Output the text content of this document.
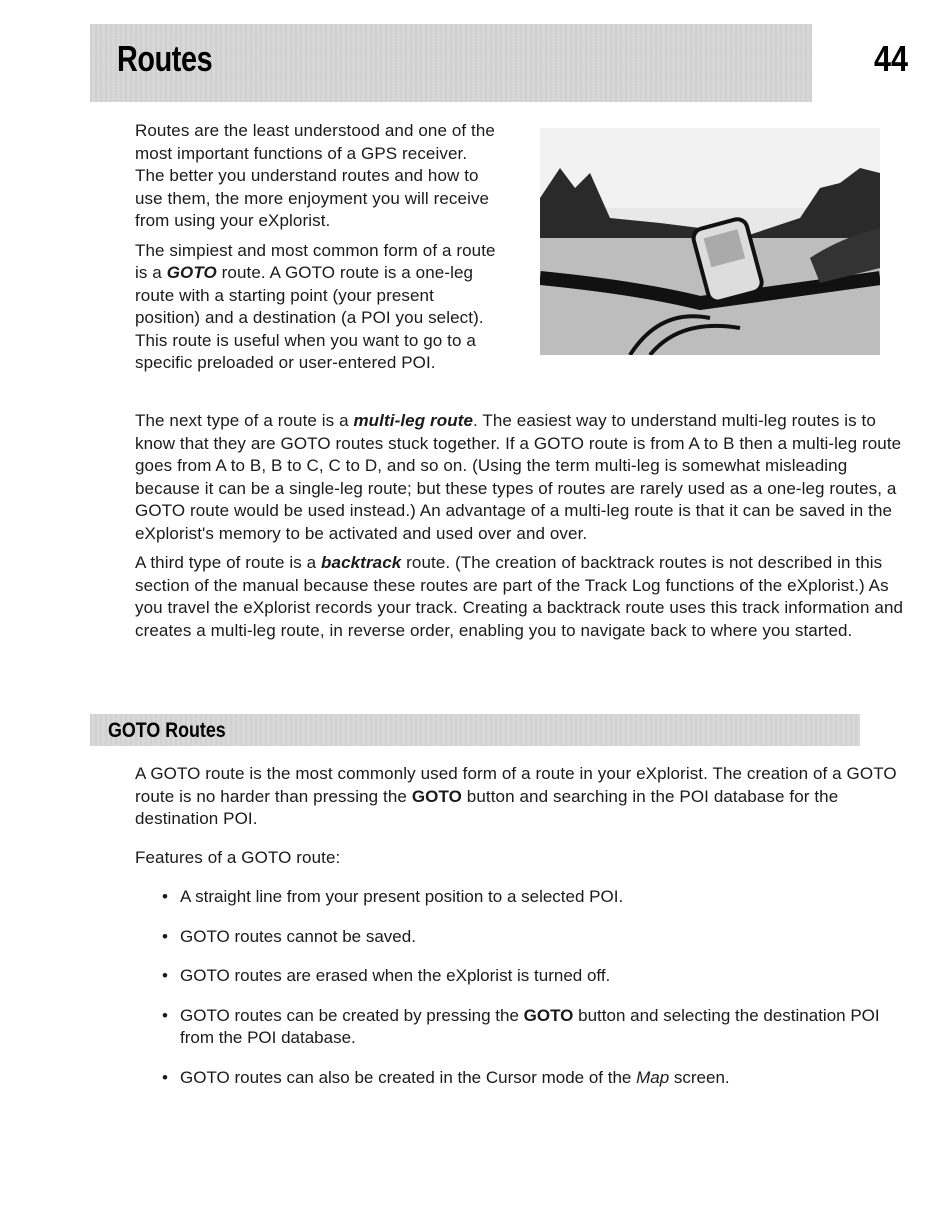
Routes	44

Routes are the least understood and one of the most important functions of a GPS receiver. The better you understand routes and how to use them, the more enjoyment you will receive from using your eXplorist.

The simpiest and most common form of a route is a GOTO route. A GOTO route is a one-leg route with a starting point (your present position) and a destination (a POI you select). This route is useful when you want to go to a specific preloaded or user-entered POI.

The next type of a route is a multi-leg route. The easiest way to understand multi-leg routes is to know that they are GOTO routes stuck together. If a GOTO route is from A to B then a multi-leg route goes from A to B, B to C, C to D, and so on. (Using the term multi-leg is somewhat misleading because it can be a single-leg route; but these types of routes are rarely used as a one-leg routes, a GOTO route would be used instead.) An advantage of a multi-leg route is that it can be saved in the eXplorist's memory to be activated and used over and over.

A third type of route is a backtrack route. (The creation of backtrack routes is not described in this section of the manual because these routes are part of the Track Log functions of the eXplorist.) As you travel the eXplorist records your track. Creating a backtrack route uses this track information and creates a multi-leg route, in reverse order, enabling you to navigate back to where you started.

GOTO Routes

A GOTO route is the most commonly used form of a route in your eXplorist. The creation of a GOTO route is no harder than pressing the GOTO button and searching in the POI database for the destination POI.

Features of a GOTO route:

• A straight line from your present position to a selected POI.
• GOTO routes cannot be saved.
• GOTO routes are erased when the eXplorist is turned off.
• GOTO routes can be created by pressing the GOTO button and selecting the destination POI from the POI database.
• GOTO routes can also be created in the Cursor mode of the Map screen.
